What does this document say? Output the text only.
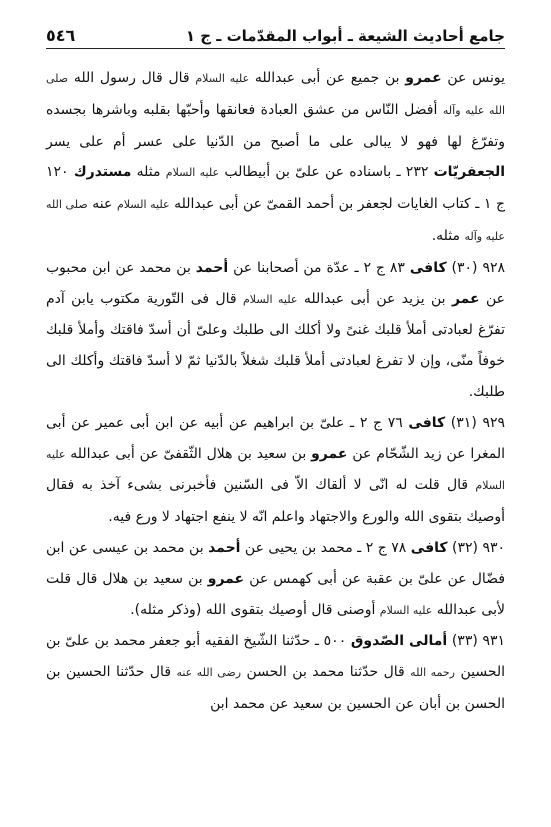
جامع أحاديث الشيعة ـ أبواب المقدّمات ـ ج ١
٥٤٦

يونس عن عمرو بن جميع عن أبى عبدالله عليه السلام قال قال رسول الله صلى الله عليه وآله أفضل النّاس من عشق العبادة فعانقها وأحبّها بقلبه وباشرها بجسده وتفرّغ لها فهو لا يبالى على ما أصبح من الدّنيا على عسر أم على يسر الجعفريّات ٢٣٢ ـ باسناده عن علىّ بن أبيطالب عليه السلام مثله مستدرك ١٢٠ ج ١ ـ كتاب الغايات لجعفر بن أحمد القمىّ عن أبى عبدالله عليه السلام عنه صلى الله عليه وآله مثله.

٩٢٨ (٣٠) كافى ٨٣ ج ٢ ـ عدّة من أصحابنا عن أحمد بن محمد عن ابن محبوب عن عمر بن يزيد عن أبى عبدالله عليه السلام قال فى التّورية مكتوب يابن آدم تفرّغ لعبادتى أملأ قلبك غنىً ولا أكلك الى طلبك وعلىّ أن أسدّ فاقتك وأملأ قلبك خوفاً منّى، وإن لا تفرغ لعبادتى أملأ قلبك شغلاً بالدّنيا ثمّ لا أسدّ فاقتك وأكلك الى طلبك.

٩٢٩ (٣١) كافى ٧٦ ج ٢ ـ علىّ بن ابراهيم عن أبيه عن ابن أبى عمير عن أبى المغرا عن زيد الشّحّام عن عمرو بن سعيد بن هلال الثّقفىّ عن أبى عبدالله عليه السلام قال قلت له انّى لا ألقاك الاّ فى السّنين فأخبرنى بشىء آخذ به فقال أوصيك بتقوى الله والورع والاجتهاد واعلم انّه لا ينفع اجتهاد لا ورع فيه.

٩٣٠ (٣٢) كافى ٧٨ ج ٢ ـ محمد بن يحيى عن أحمد بن محمد بن عيسى عن ابن فضّال عن علىّ بن عقبة عن أبى كهمس عن عمرو بن سعيد بن هلال قال قلت لأبى عبدالله عليه السلام أوصنى قال أوصيك بتقوى الله (وذكر مثله).

٩٣١ (٣٣) أمالى الصّدوق ٥٠٠ ـ حدّثنا الشّيخ الفقيه أبو جعفر محمد بن علىّ بن الحسين رحمه الله قال حدّثنا محمد بن الحسن رضى الله عنه قال حدّثنا الحسين بن الحسن بن أبان عن الحسين بن سعيد عن محمد ابن
